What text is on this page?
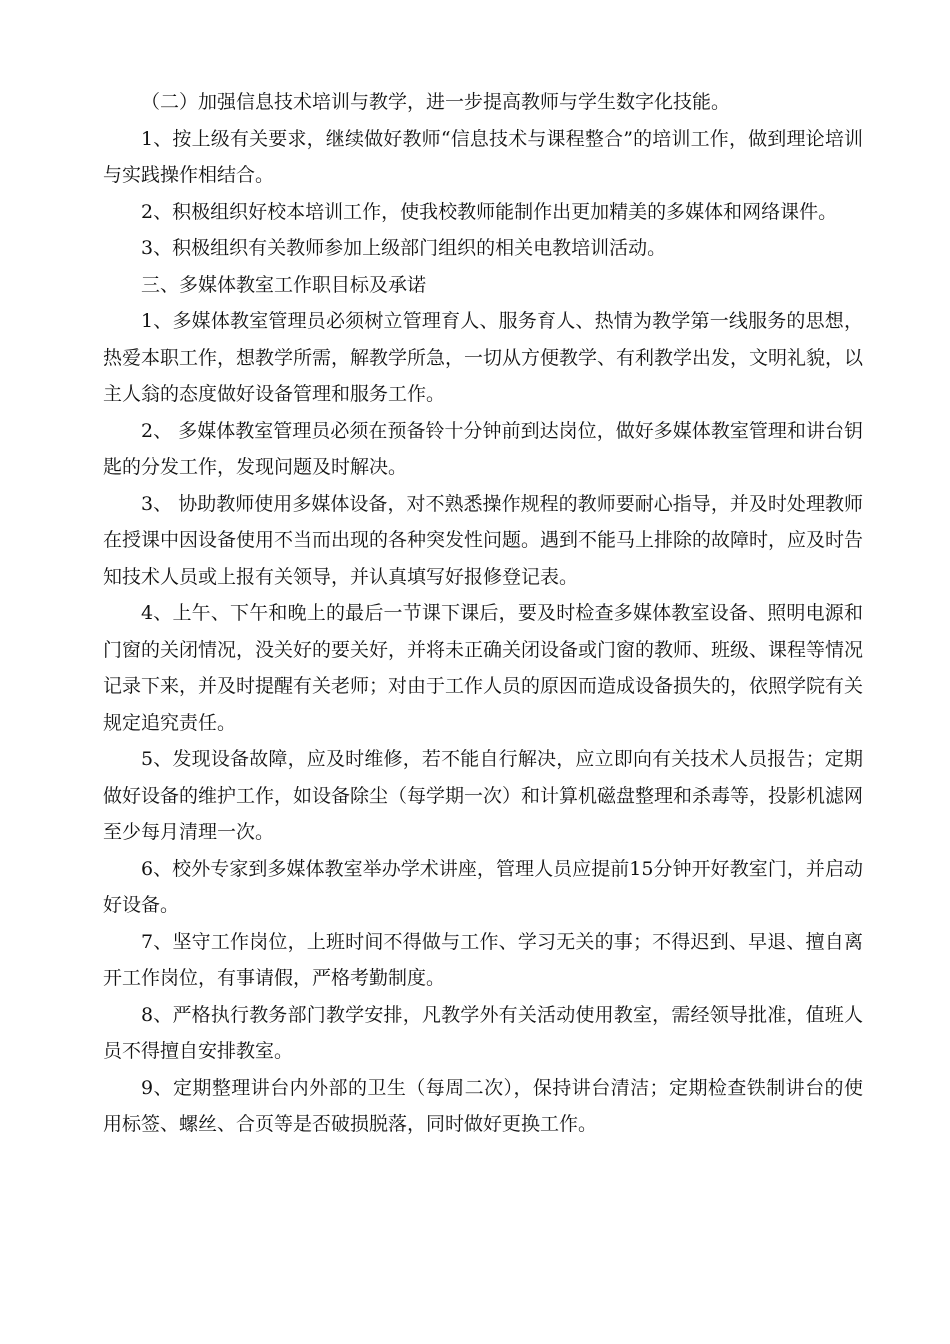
（二）加强信息技术培训与教学，进一步提高教师与学生数字化技能。

1、按上级有关要求，继续做好教师“信息技术与课程整合”的培训工作，做到理论培训与实践操作相结合。

2、积极组织好校本培训工作，使我校教师能制作出更加精美的多媒体和网络课件。

3、积极组织有关教师参加上级部门组织的相关电教培训活动。

三、多媒体教室工作职目标及承诺

1、多媒体教室管理员必须树立管理育人、服务育人、热情为教学第一线服务的思想，热爱本职工作，想教学所需，解教学所急，一切从方便教学、有利教学出发，文明礼貌，以主人翁的态度做好设备管理和服务工作。

2、 多媒体教室管理员必须在预备铃十分钟前到达岗位，做好多媒体教室管理和讲台钥匙的分发工作，发现问题及时解决。

3、 协助教师使用多媒体设备，对不熟悉操作规程的教师要耐心指导，并及时处理教师在授课中因设备使用不当而出现的各种突发性问题。遇到不能马上排除的故障时，应及时告知技术人员或上报有关领导，并认真填写好报修登记表。

4、上午、下午和晚上的最后一节课下课后，要及时检查多媒体教室设备、照明电源和门窗的关闭情况，没关好的要关好，并将未正确关闭设备或门窗的教师、班级、课程等情况记录下来，并及时提醒有关老师；对由于工作人员的原因而造成设备损失的，依照学院有关规定追究责任。

5、发现设备故障，应及时维修，若不能自行解决，应立即向有关技术人员报告；定期做好设备的维护工作，如设备除尘（每学期一次）和计算机磁盘整理和杀毒等，投影机滤网至少每月清理一次。

6、校外专家到多媒体教室举办学术讲座，管理人员应提前15分钟开好教室门，并启动好设备。

7、坚守工作岗位，上班时间不得做与工作、学习无关的事；不得迟到、早退、擅自离开工作岗位，有事请假，严格考勤制度。

8、严格执行教务部门教学安排，凡教学外有关活动使用教室，需经领导批准，值班人员不得擅自安排教室。

9、定期整理讲台内外部的卫生（每周二次），保持讲台清洁；定期检查铁制讲台的使用标签、螺丝、合页等是否破损脱落，同时做好更换工作。
